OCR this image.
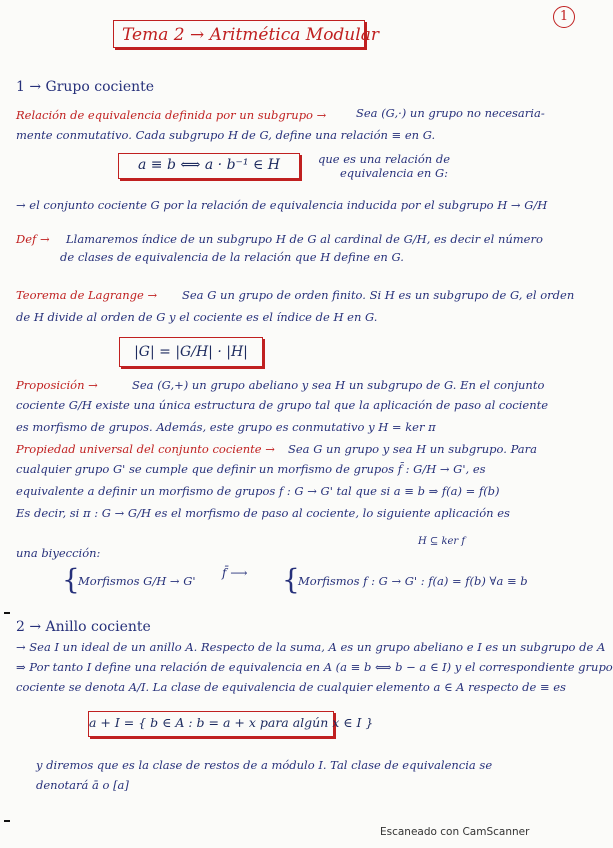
1
Tema 2 → Aritmética Modular
1 → Grupo cociente
Relación de equivalencia definida por un subgrupo →	Sea (G,·) un grupo no necesaria-
mente conmutativo. Cada subgrupo H de G, define una relación ≡ en G.
a ≡ b ⟺ a · b⁻¹ ∈ H	que es una relación de
equivalencia en G:
→ el conjunto cociente G por la relación de equivalencia inducida por el subgrupo H → G/H
Def →	Llamaremos índice de un subgrupo H de G al cardinal de G/H, es decir el número
de clases de equivalencia de la relación que H define en G.
Teorema de Lagrange →	Sea G un grupo de orden finito. Si H es un subgrupo de G, el orden
de H divide al orden de G y el cociente es el índice de H en G.
|G| = |G/H| · |H|
Proposición →	Sea (G,+) un grupo abeliano y sea H un subgrupo de G. En el conjunto
cociente G/H existe una única estructura de grupo tal que la aplicación de paso al cociente
es morfismo de grupos. Además, este grupo es conmutativo y H = ker π
Propiedad universal del conjunto cociente →	Sea G un grupo y sea H un subgrupo. Para
cualquier grupo G' se cumple que definir un morfismo de grupos f̄ : G/H → G', es
equivalente a definir un morfismo de grupos f : G → G' tal que si a ≡ b ⇒ f(a) = f(b)
Es decir, si π : G → G/H es el morfismo de paso al cociente, lo siguiente aplicación es
una biyección:
H ⊆ ker f
{
Morfismos G/H → G'
f̄ ⟶	{
Morfismos f : G → G' : f(a) = f(b) ∀a ≡ b
2 → Anillo cociente
→ Sea I un ideal de un anillo A. Respecto de la suma, A es un grupo abeliano e I es un subgrupo de A
⇒ Por tanto I define una relación de equivalencia en A (a ≡ b ⟺ b − a ∈ I) y el correspondiente grupo
cociente se denota A/I. La clase de equivalencia de cualquier elemento a ∈ A respecto de ≡ es
a + I = { b ∈ A : b = a + x para algún x ∈ I }
y diremos que es la clase de restos de a módulo I. Tal clase de equivalencia se
denotará ā o [a]
Escaneado con CamScanner
